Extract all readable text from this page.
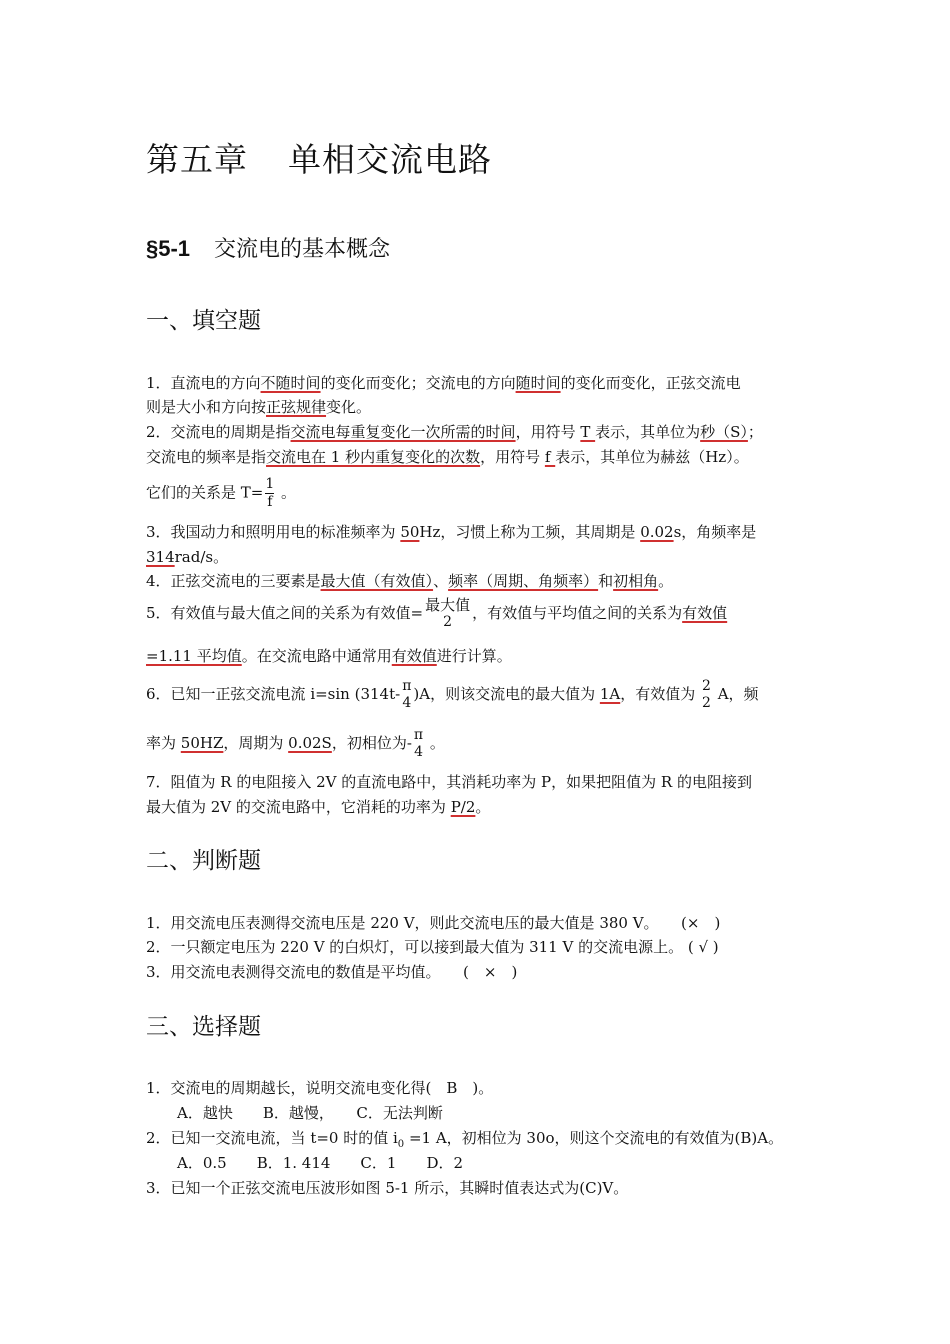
第五章 单相交流电路
§5-1 交流电的基本概念
一、填空题
1．直流电的方向不随时间的变化而变化；交流电的方向随时间的变化而变化，正弦交流电
则是大小和方向按正弦规律变化。
2．交流电的周期是指交流电每重复变化一次所需的时间，用符号 T 表示，其单位为秒（S）；
交流电的频率是指交流电在 1 秒内重复变化的次数，用符号 f 表示，其单位为赫兹（Hz）。
它们的关系是 $T= \frac{1}{f}$ 。
3．我国动力和照明用电的标准频率为 50Hz，习惯上称为工频，其周期是 0.02s，角频率是
314rad/s。
4．正弦交流电的三要素是最大值（有效值）、频率（周期、角频率）和初相角。
5．有效值与最大值之间的关系为有效值= 最大值
2	，有效值与平均值之间的关系为有效值
=1.11 平均值。在交流电路中通常用有效值进行计算。
6．已知一正弦交流电流 i=sin (314t- π
4 )A，则该交流电的最大值为 1A，有效值为 2
2 A，频
率为 50HZ，周期为 0.02S，初相位为- π
4 。
7．阻值为 R 的电阻接入 2V 的直流电路中，其消耗功率为 P，如果把阻值为 R 的电阻接到
最大值为 2V 的交流电路中，它消耗的功率为 P/2。
二、判断题
1．用交流电压表测得交流电压是 220 V，则此交流电压的最大值是 380 V。　　(×　)
2．一只额定电压为 220 V 的白炽灯，可以接到最大值为 311 V 的交流电源上。 ( √ )
3．用交流电表测得交流电的数值是平均值。　　(　×　)
三、选择题
1．交流电的周期越长，说明交流电变化得(　B　)。
A．越快　　B．越慢，　　C．无法判断
2．已知一交流电流，当 t=0 时的值 $i_0 =1$ A，初相位为 30o，则这个交流电的有效值为(B)A。
A．0.5　　B．1. 414　　C．1　　D．2
3．已知一个正弦交流电压波形如图 5-1 所示，其瞬时值表达式为(C)V。
